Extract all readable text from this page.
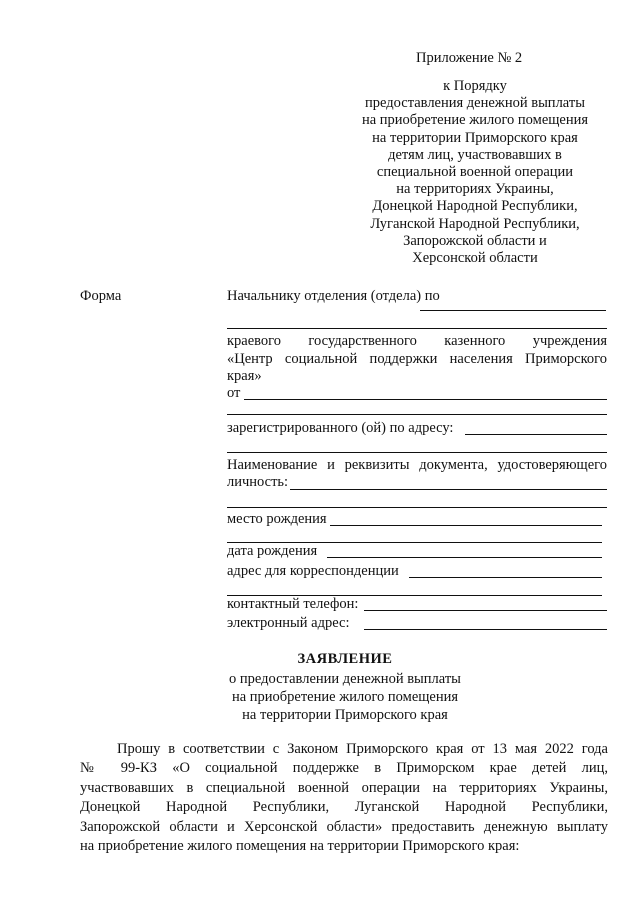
Приложение № 2
к Порядку
предоставления денежной выплаты
на приобретение жилого помещения
на территории Приморского края
детям лиц, участвовавших в
специальной военной операции
на территориях Украины,
Донецкой Народной Республики,
Луганской Народной Республики,
Запорожской области и
Херсонской области
Форма	Начальнику отделения (отдела) по
краевого государственного казенного учреждения
«Центр социальной поддержки населения Приморского
края»
от
зарегистрированного (ой) по адресу:
Наименование и реквизиты документа, удостоверяющего
личность:
место рождения
дата рождения
адрес для корреспонденции
контактный телефон:
электронный адрес:
ЗАЯВЛЕНИЕ
о предоставлении денежной выплаты
на приобретение жилого помещения
на территории Приморского края
Прошу в соответствии с Законом Приморского края от 13 мая 2022 года
№ 99-КЗ «О социальной поддержке в Приморском крае детей лиц,
участвовавших в специальной военной операции на территориях Украины,
Донецкой Народной Республики, Луганской Народной Республики,
Запорожской области и Херсонской области» предоставить денежную выплату
на приобретение жилого помещения на территории Приморского края:
